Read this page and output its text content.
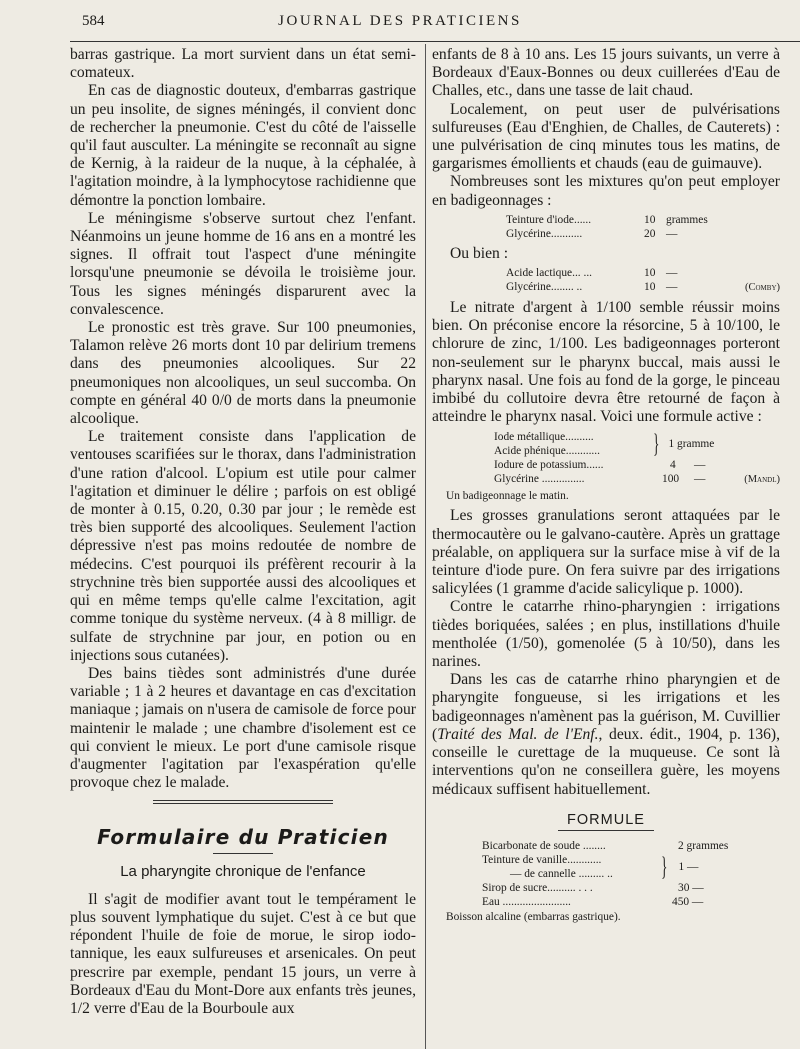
584	JOURNAL DES PRATICIENS

barras gastrique. La mort survient dans un état semi-comateux.

En cas de diagnostic douteux, d'embarras gastrique un peu insolite, de signes méningés, il convient donc de rechercher la pneumonie. C'est du côté de l'aisselle qu'il faut ausculter. La méningite se reconnaît au signe de Kernig, à la raideur de la nuque, à la céphalée, à l'agitation moindre, à la lymphocytose rachidienne que démontre la ponction lombaire.

Le méningisme s'observe surtout chez l'enfant. Néanmoins un jeune homme de 16 ans en a montré les signes. Il offrait tout l'aspect d'une méningite lorsqu'une pneumonie se dévoila le troisième jour. Tous les signes méningés disparurent avec la convalescence.

Le pronostic est très grave. Sur 100 pneumonies, Talamon relève 26 morts dont 10 par delirium tremens dans des pneumonies alcooliques. Sur 22 pneumoniques non alcooliques, un seul succomba. On compte en général 40 0/0 de morts dans la pneumonie alcoolique.

Le traitement consiste dans l'application de ventouses scarifiées sur le thorax, dans l'administration d'une ration d'alcool. L'opium est utile pour calmer l'agitation et diminuer le délire ; parfois on est obligé de monter à 0.15, 0.20, 0.30 par jour ; le remède est très bien supporté des alcooliques. Seulement l'action dépressive n'est pas moins redoutée de nombre de médecins. C'est pourquoi ils préfèrent recourir à la strychnine très bien supportée aussi des alcooliques et qui en même temps qu'elle calme l'excitation, agit comme tonique du système nerveux. (4 à 8 milligr. de sulfate de strychnine par jour, en potion ou en injections sous cutanées).

Des bains tièdes sont administrés d'une durée variable ; 1 à 2 heures et davantage en cas d'excitation maniaque ; jamais on n'usera de camisole de force pour maintenir le malade ; une chambre d'isolement est ce qui convient le mieux. Le port d'une camisole risque d'augmenter l'agitation par l'exaspération qu'elle provoque chez le malade.

Formulaire du Praticien
La pharyngite chronique de l'enfance

Il s'agit de modifier avant tout le tempérament le plus souvent lymphatique du sujet. C'est à ce but que répondent l'huile de foie de morue, le sirop iodo-tannique, les eaux sulfureuses et arsenicales. On peut prescrire par exemple, pendant 15 jours, un verre à Bordeaux d'Eau du Mont-Dore aux enfants très jeunes, 1/2 verre d'Eau de la Bourboule aux

enfants de 8 à 10 ans. Les 15 jours suivants, un verre à Bordeaux d'Eaux-Bonnes ou deux cuillerées d'Eau de Challes, etc., dans une tasse de lait chaud.

Localement, on peut user de pulvérisations sulfureuses (Eau d'Enghien, de Challes, de Cauterets) : une pulvérisation de cinq minutes tous les matins, de gargarismes émollients et chauds (eau de guimauve).

Nombreuses sont les mixtures qu'on peut employer en badigeonnages :

Teinture d'iode......	10 grammes
Glycérine...........	20 —

Ou bien :

Acide lactique... ...	10 —
Glycérine........ ..	10 —	(Comby)

Le nitrate d'argent à 1/100 semble réussir moins bien. On préconise encore la résorcine, 5 à 10/100, le chlorure de zinc, 1/100. Les badigeonnages porteront non-seulement sur le pharynx buccal, mais aussi le pharynx nasal. Une fois au fond de la gorge, le pinceau imbibé du collutoire devra être retourné de façon à atteindre le pharynx nasal. Voici une formule active :

Iode métallique..........
Acide phénique............	} 1 gramme
Iodure de potassium......	4	—
Glycérine ...............	100	—	(Mandl)
Un badigeonnage le matin.

Les grosses granulations seront attaquées par le thermocautère ou le galvano-cautère. Après un grattage préalable, on appliquera sur la surface mise à vif de la teinture d'iode pure. On fera suivre par des irrigations salicylées (1 gramme d'acide salicylique p. 1000).

Contre le catarrhe rhino-pharyngien : irrigations tièdes boriquées, salées ; en plus, instillations d'huile mentholée (1/50), gomenolée (5 à 10/50), dans les narines.

Dans les cas de catarrhe rhino pharyngien et de pharyngite fongueuse, si les irrigations et les badigeonnages n'amènent pas la guérison, M. Cuvillier (Traité des Mal. de l'Enf., deux. édit., 1904, p. 136), conseille le curettage de la muqueuse. Ce sont là interventions qu'on ne conseillera guère, les moyens médicaux suffisent habituellement.

FORMULE
Bicarbonate de soude ........	2 grammes
Teinture de vanille............
— de cannelle ......... ..	} 1 —
Sirop de sucre.......... . . .	30 —
Eau ........................	450 —
Boisson alcaline (embarras gastrique).
